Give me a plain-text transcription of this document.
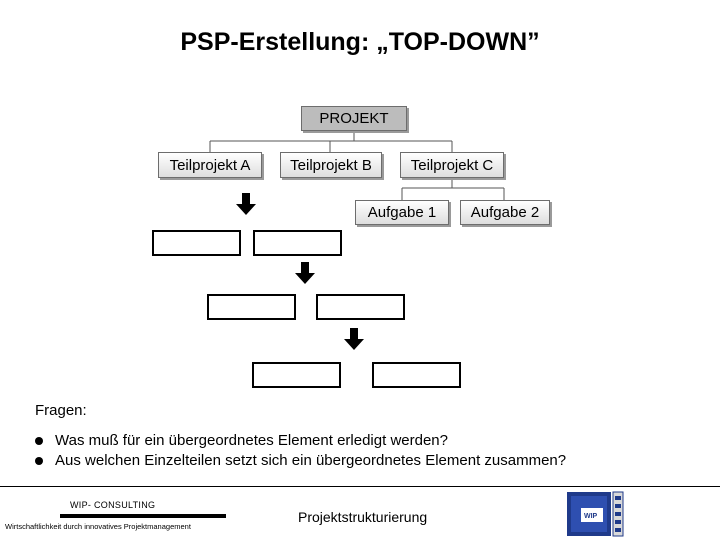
PSP-Erstellung: „TOP-DOWN”
PROJEKT
Teilprojekt A	Teilprojekt B	Teilprojekt C
Aufgabe 1	Aufgabe 2
Fragen:
Was muß für ein übergeordnetes Element erledigt werden?
Aus welchen Einzelteilen setzt sich ein übergeordnetes Element zusammen?
WIP- CONSULTING
Wirtschaftlichkeit durch innovatives Projektmanagement
Projektstrukturierung	WIP
